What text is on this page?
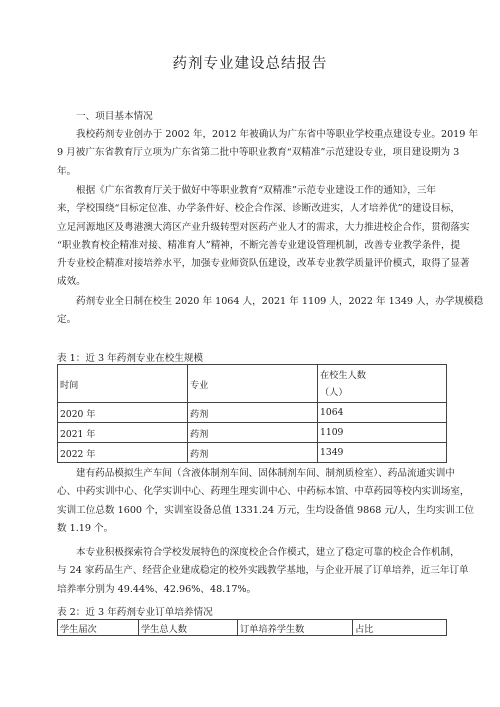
药剂专业建设总结报告
一、项目基本情况
我校药剂专业创办于 2002 年，2012 年被确认为广东省中等职业学校重点建设专业。2019 年
9 月被广东省教育厅立项为广东省第二批中等职业教育“双精准”示范建设专业，项目建设期为 3
年。
根据《广东省教育厅关于做好中等职业教育“双精准”示范专业建设工作的通知》，三年
来，学校围绕“目标定位准、办学条件好、校企合作深、诊断改进实，人才培养优”的建设目标，
立足河源地区及粤港澳大湾区产业升级转型对医药产业人才的需求，大力推进校企合作，贯彻落实
“职业教育校企精准对接、精准育人”精神，不断完善专业建设管理机制，改善专业教学条件，提
升专业校企精准对接培养水平，加强专业师资队伍建设，改革专业教学质量评价模式，取得了显著
成效。
药剂专业全日制在校生 2020 年 1064 人，2021 年 1109 人，2022 年 1349 人，办学规模稳
定。
表 1：近 3 年药剂专业在校生规模
时间	专业	在校生人数
（人）

2020 年	药剂	1064
2021 年	药剂	1109
2022 年	药剂	1349
建有药品模拟生产车间（含液体制剂车间、固体制剂车间、制剂质检室）、药品流通实训中
心、中药实训中心、化学实训中心、药理生理实训中心、中药标本馆、中草药园等校内实训场室，
实训工位总数 1600 个，实训室设备总值 1331.24 万元，生均设备值 9868 元/人，生均实训工位
数 1.19 个。
本专业积极探索符合学校发展特色的深度校企合作模式，建立了稳定可靠的校企合作机制，
与 24 家药品生产、经营企业建成稳定的校外实践教学基地，与企业开展了订单培养，近三年订单
培养率分别为 49.44%、42.96%、48.17%。
表 2：近 3 年药剂专业订单培养情况
学生届次	学生总人数	订单培养学生数	占比
